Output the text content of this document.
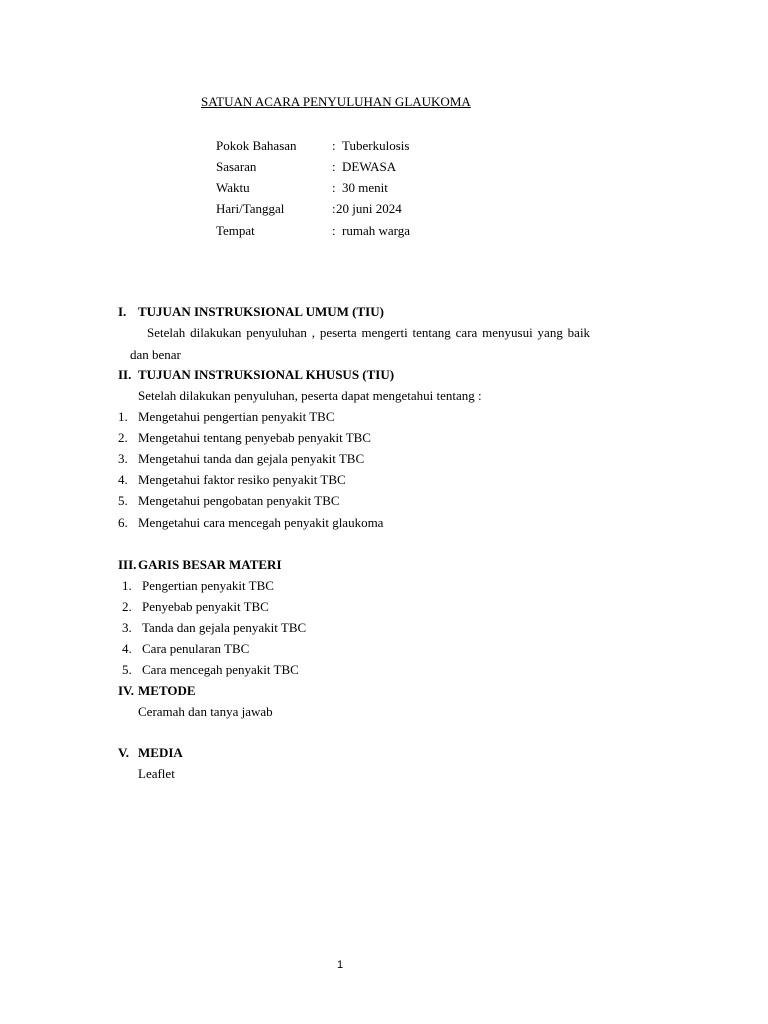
SATUAN ACARA PENYULUHAN GLAUKOMA
Pokok Bahasan	: Tuberkulosis
Sasaran	: DEWASA
Waktu	: 30 menit
Hari/Tanggal	: 20 juni 2024
Tempat	: rumah warga
I. TUJUAN INSTRUKSIONAL UMUM (TIU)
Setelah dilakukan penyuluhan , peserta mengerti tentang cara menyusui yang baik
dan benar
II. TUJUAN INSTRUKSIONAL KHUSUS (TIU)
Setelah dilakukan penyuluhan, peserta dapat mengetahui tentang :
1. Mengetahui pengertian penyakit TBC
2. Mengetahui tentang penyebab penyakit TBC
3. Mengetahui tanda dan gejala penyakit TBC
4. Mengetahui faktor resiko penyakit TBC
5. Mengetahui pengobatan penyakit TBC
6. Mengetahui cara mencegah penyakit glaukoma
III. GARIS BESAR MATERI
1. Pengertian penyakit TBC
2. Penyebab penyakit TBC
3. Tanda dan gejala penyakit TBC
4. Cara penularan TBC
5. Cara mencegah penyakit TBC
IV. METODE
Ceramah dan tanya jawab
V. MEDIA
Leaflet
1
